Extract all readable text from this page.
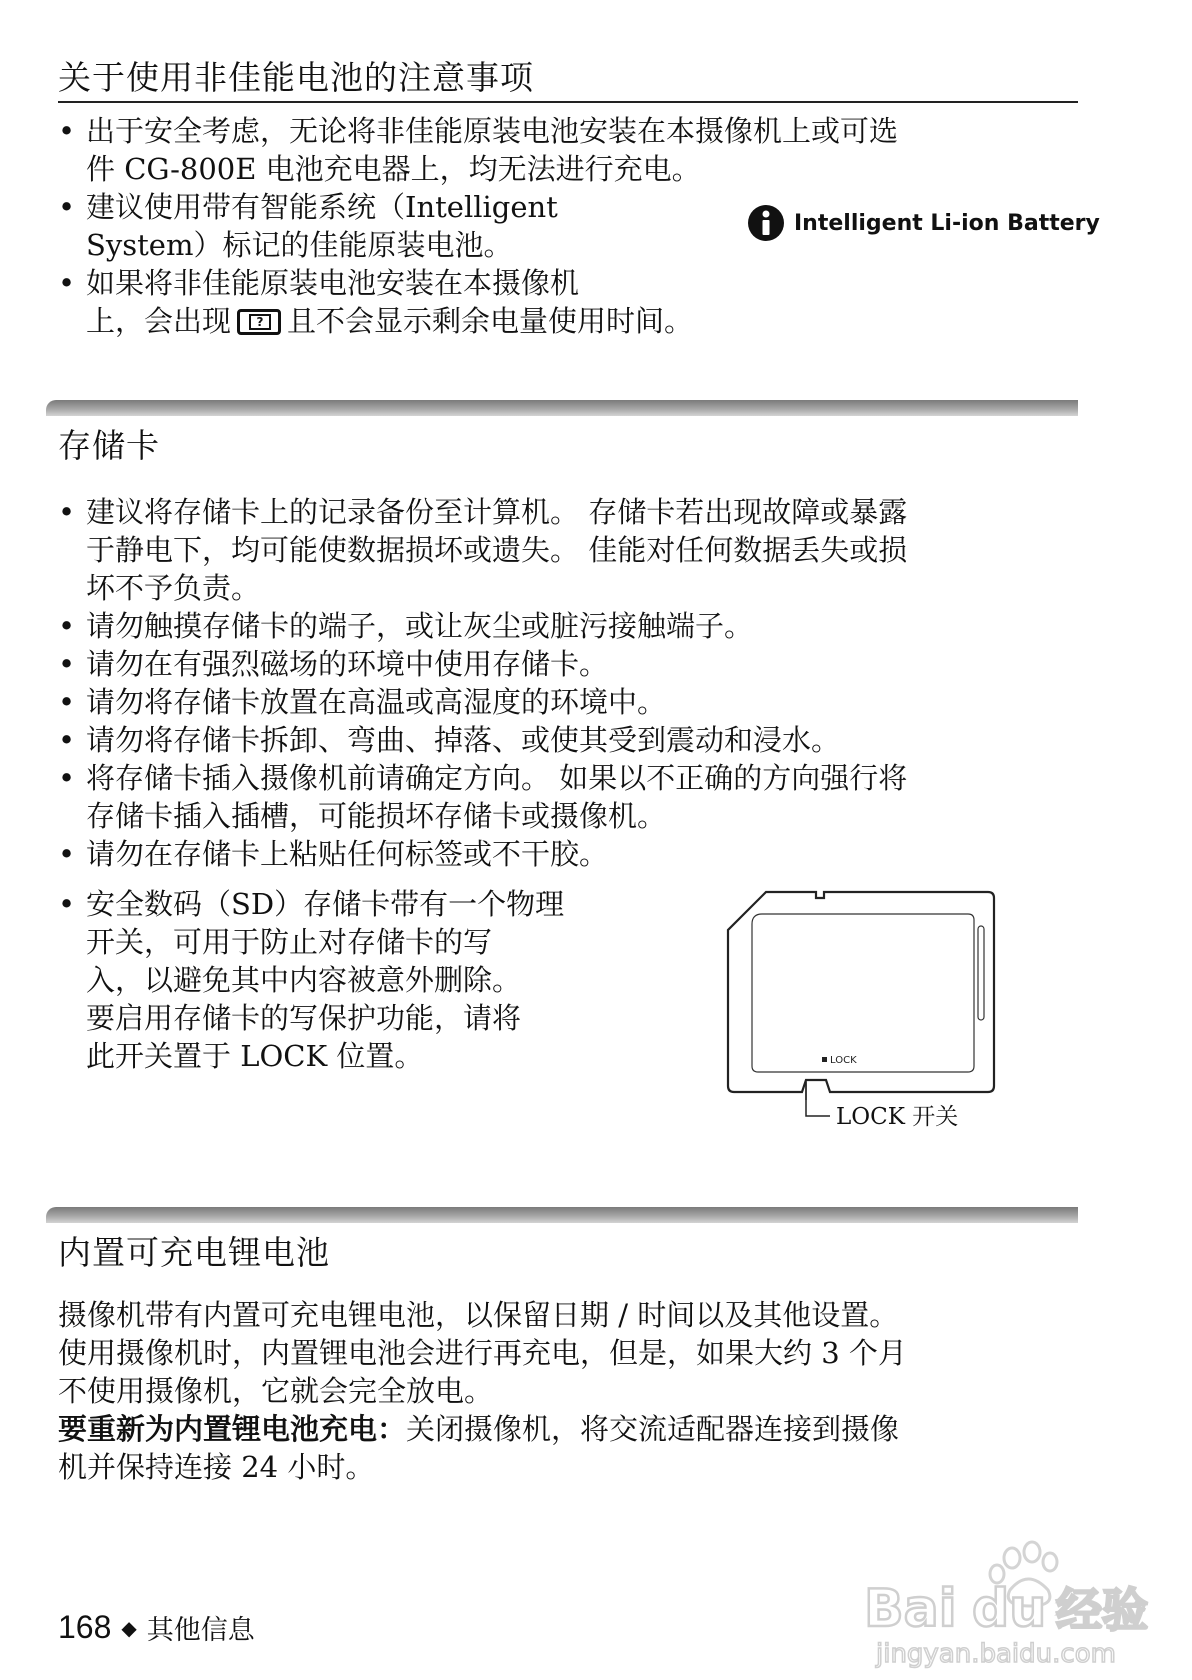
关于使用非佳能电池的注意事项
• 出于安全考虑，无论将非佳能原装电池安装在本摄像机上或可选
件 CG-800E 电池充电器上，均无法进行充电。
• 建议使用带有智能系统（Intelligent
System）标记的佳能原装电池。
• 如果将非佳能原装电池安装在本摄像机
上，会出现	? 且不会显示剩余电量使用时间。
Intelligent Li-ion Battery
存储卡
• 建议将存储卡上的记录备份至计算机。 存储卡若出现故障或暴露
于静电下，均可能使数据损坏或遗失。 佳能对任何数据丢失或损
坏不予负责。
• 请勿触摸存储卡的端子，或让灰尘或脏污接触端子。
• 请勿在有强烈磁场的环境中使用存储卡。
• 请勿将存储卡放置在高温或高湿度的环境中。
• 请勿将存储卡拆卸、弯曲、掉落、或使其受到震动和浸水。
• 将存储卡插入摄像机前请确定方向。 如果以不正确的方向强行将
存储卡插入插槽，可能损坏存储卡或摄像机。
• 请勿在存储卡上粘贴任何标签或不干胶。
• 安全数码（SD）存储卡带有一个物理
开关，可用于防止对存储卡的写
入，以避免其中内容被意外删除。
要启用存储卡的写保护功能，请将
此开关置于 LOCK 位置。	LOCK
LOCK 开关
内置可充电锂电池
摄像机带有内置可充电锂电池，以保留日期 / 时间以及其他设置。
使用摄像机时，内置锂电池会进行再充电，但是，如果大约 3 个月
不使用摄像机，它就会完全放电。
要重新为内置锂电池充电：关闭摄像机，将交流适配器连接到摄像
机并保持连接 24 小时。
168 ◆ 其他信息	Bai du 经验
jingyan.baidu.com
